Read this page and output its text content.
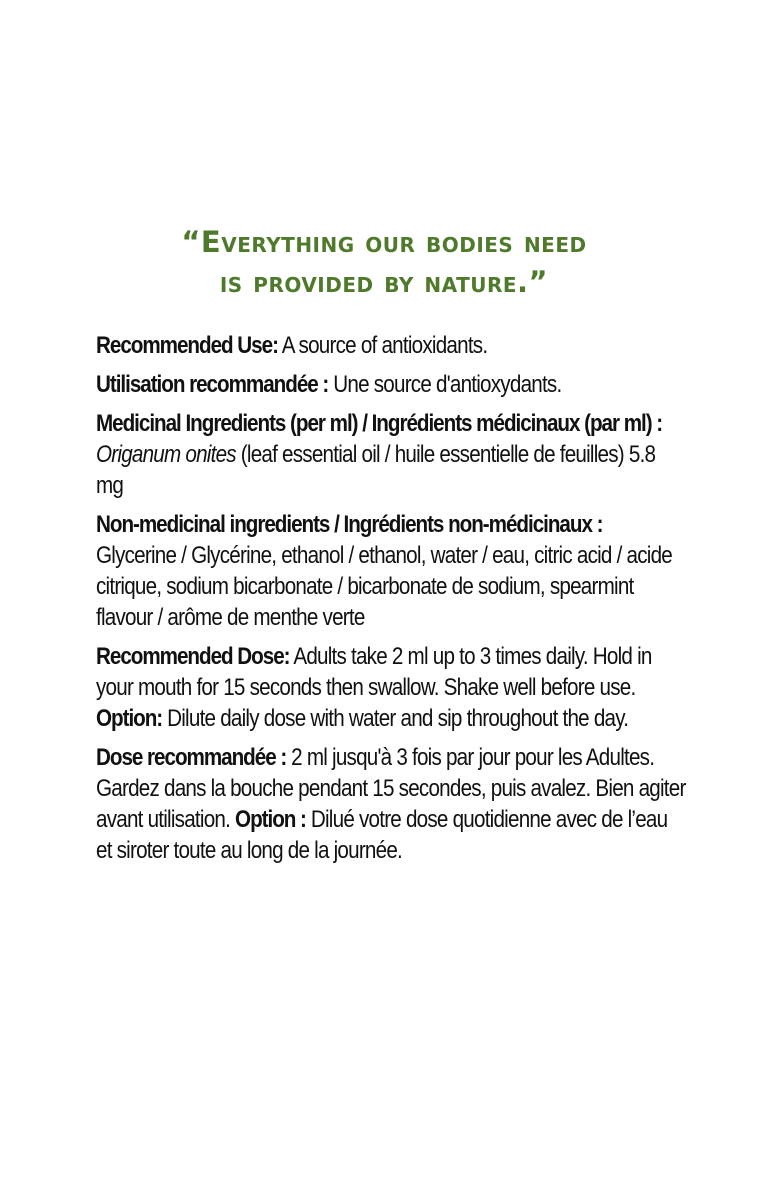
“Everything our bodies need
is provided by nature.”

Recommended Use: A source of antioxidants.

Utilisation recommandée : Une source d'antioxydants.

Medicinal Ingredients (per ml) / Ingrédients médicinaux (par ml) : Origanum onites (leaf essential oil / huile essentielle de feuilles) 5.8 mg

Non-medicinal ingredients / Ingrédients non-médicinaux : Glycerine / Glycérine, ethanol / ethanol, water / eau, citric acid / acide citrique, sodium bicarbonate / bicarbonate de sodium, spearmint flavour / arôme de menthe verte

Recommended Dose: Adults take 2 ml up to 3 times daily. Hold in your mouth for 15 seconds then swallow. Shake well before use. Option: Dilute daily dose with water and sip throughout the day.

Dose recommandée : 2 ml jusqu'à 3 fois par jour pour les Adultes. Gardez dans la bouche pendant 15 secondes, puis avalez. Bien agiter avant utilisation. Option : Dilué votre dose quotidienne avec de l’eau et siroter toute au long de la journée.
